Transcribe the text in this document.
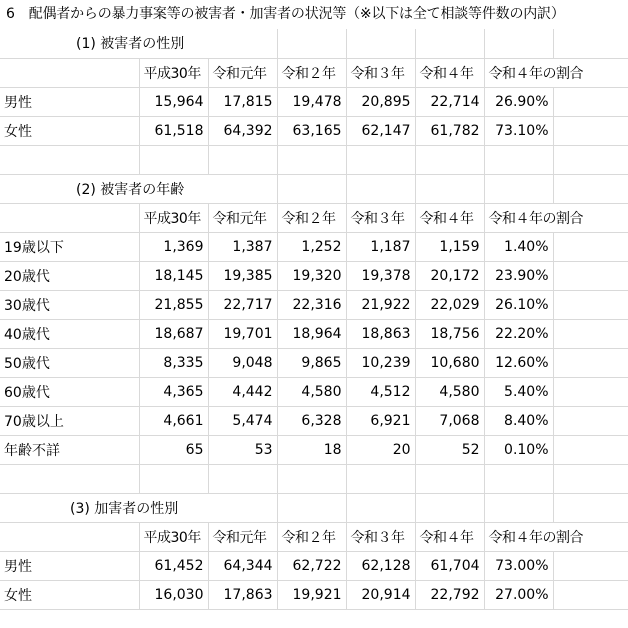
6 配偶者からの暴力事案等の被害者・加害者の状況等（※以下は全て相談等件数の内訳）
(1) 被害者の性別							
	平成30年	令和元年	令和２年	令和３年	令和４年	令和４年の割合	
男性	15,964	17,815	19,478	20,895	22,714	26.90%	
女性	61,518	64,392	63,165	62,147	61,782	73.10%	

(2) 被害者の年齢							
	平成30年	令和元年	令和２年	令和３年	令和４年	令和４年の割合	
19歳以下	1,369	1,387	1,252	1,187	1,159	1.40%	
20歳代	18,145	19,385	19,320	19,378	20,172	23.90%	
30歳代	21,855	22,717	22,316	21,922	22,029	26.10%	
40歳代	18,687	19,701	18,964	18,863	18,756	22.20%	
50歳代	8,335	9,048	9,865	10,239	10,680	12.60%	
60歳代	4,365	4,442	4,580	4,512	4,580	5.40%	
70歳以上	4,661	5,474	6,328	6,921	7,068	8.40%	
年齢不詳	65	53	18	20	52	0.10%	

(3) 加害者の性別							
	平成30年	令和元年	令和２年	令和３年	令和４年	令和４年の割合	
男性	61,452	64,344	62,722	62,128	61,704	73.00%	
女性	16,030	17,863	19,921	20,914	22,792	27.00%	
